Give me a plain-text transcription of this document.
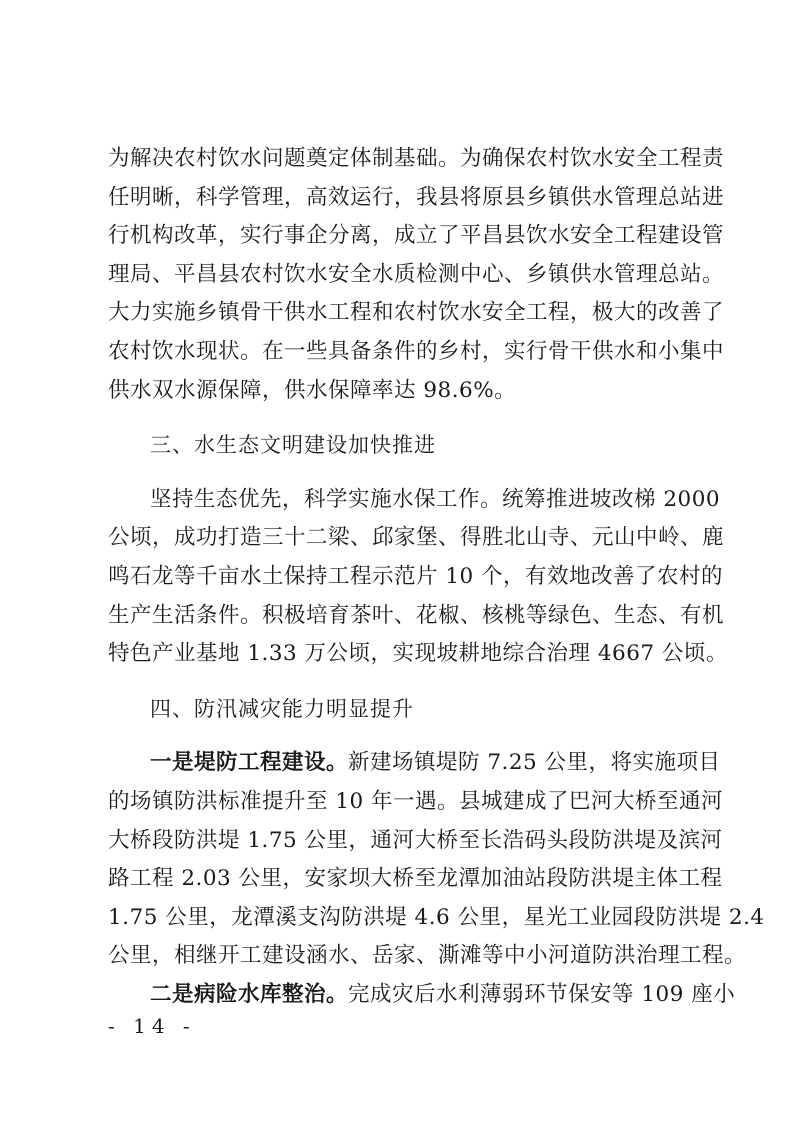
为解决农村饮水问题奠定体制基础。为确保农村饮水安全工程责
任明晰，科学管理，高效运行，我县将原县乡镇供水管理总站进
行机构改革，实行事企分离，成立了平昌县饮水安全工程建设管
理局、平昌县农村饮水安全水质检测中心、乡镇供水管理总站。
大力实施乡镇骨干供水工程和农村饮水安全工程，极大的改善了
农村饮水现状。在一些具备条件的乡村，实行骨干供水和小集中
供水双水源保障，供水保障率达 98.6%。
三、水生态文明建设加快推进
坚持生态优先，科学实施水保工作。统筹推进坡改梯 2000
公顷，成功打造三十二梁、邱家堡、得胜北山寺、元山中岭、鹿
鸣石龙等千亩水土保持工程示范片 10 个，有效地改善了农村的
生产生活条件。积极培育茶叶、花椒、核桃等绿色、生态、有机
特色产业基地 1.33 万公顷，实现坡耕地综合治理 4667 公顷。
四、防汛减灾能力明显提升
一是堤防工程建设。新建场镇堤防 7.25 公里，将实施项目
的场镇防洪标准提升至 10 年一遇。县城建成了巴河大桥至通河
大桥段防洪堤 1.75 公里，通河大桥至长浩码头段防洪堤及滨河
路工程 2.03 公里，安家坝大桥至龙潭加油站段防洪堤主体工程
1.75 公里，龙潭溪支沟防洪堤 4.6 公里，星光工业园段防洪堤 2.4
公里，相继开工建设涵水、岳家、澌滩等中小河道防洪治理工程。
二是病险水库整治。完成灾后水利薄弱环节保安等 109 座小
- 14 -
